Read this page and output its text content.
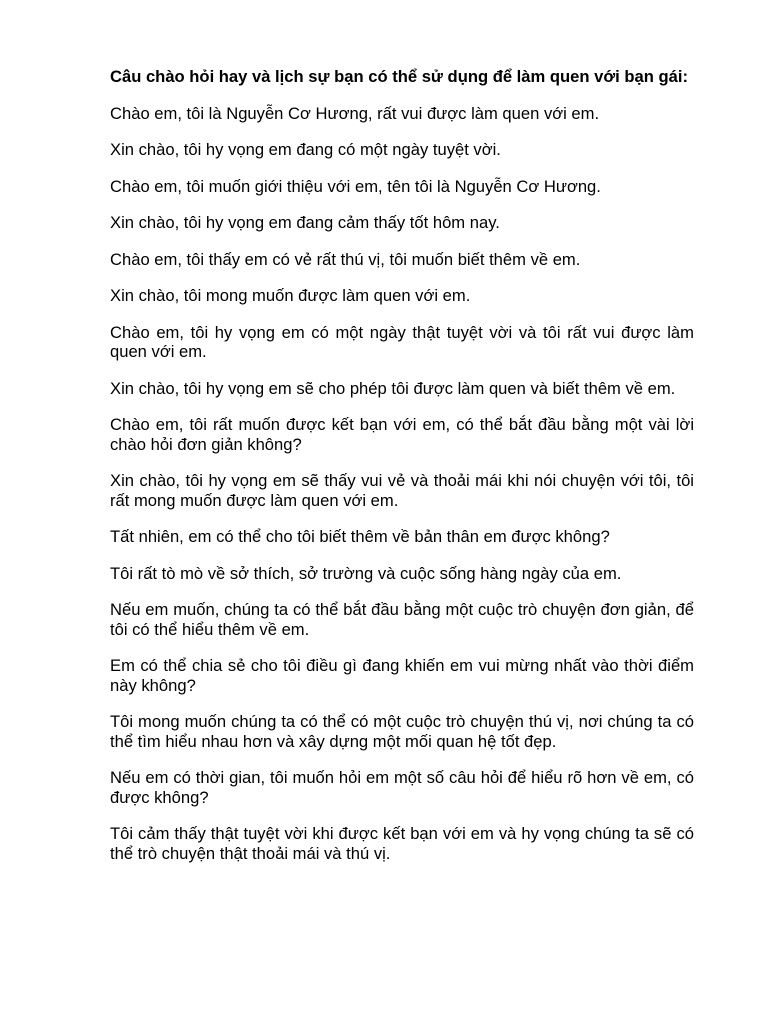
Câu chào hỏi hay và lịch sự bạn có thể sử dụng để làm quen với bạn gái:

Chào em, tôi là Nguyễn Cơ Hương, rất vui được làm quen với em.

Xin chào, tôi hy vọng em đang có một ngày tuyệt vời.

Chào em, tôi muốn giới thiệu với em, tên tôi là Nguyễn Cơ Hương.

Xin chào, tôi hy vọng em đang cảm thấy tốt hôm nay.

Chào em, tôi thấy em có vẻ rất thú vị, tôi muốn biết thêm về em.

Xin chào, tôi mong muốn được làm quen với em.

Chào em, tôi hy vọng em có một ngày thật tuyệt vời và tôi rất vui được làm quen với em.

Xin chào, tôi hy vọng em sẽ cho phép tôi được làm quen và biết thêm về em.

Chào em, tôi rất muốn được kết bạn với em, có thể bắt đầu bằng một vài lời chào hỏi đơn giản không?

Xin chào, tôi hy vọng em sẽ thấy vui vẻ và thoải mái khi nói chuyện với tôi, tôi rất mong muốn được làm quen với em.

Tất nhiên, em có thể cho tôi biết thêm về bản thân em được không?

Tôi rất tò mò về sở thích, sở trường và cuộc sống hàng ngày của em.

Nếu em muốn, chúng ta có thể bắt đầu bằng một cuộc trò chuyện đơn giản, để tôi có thể hiểu thêm về em.

Em có thể chia sẻ cho tôi điều gì đang khiến em vui mừng nhất vào thời điểm này không?

Tôi mong muốn chúng ta có thể có một cuộc trò chuyện thú vị, nơi chúng ta có thể tìm hiểu nhau hơn và xây dựng một mối quan hệ tốt đẹp.

Nếu em có thời gian, tôi muốn hỏi em một số câu hỏi để hiểu rõ hơn về em, có được không?

Tôi cảm thấy thật tuyệt vời khi được kết bạn với em và hy vọng chúng ta sẽ có thể trò chuyện thật thoải mái và thú vị.
